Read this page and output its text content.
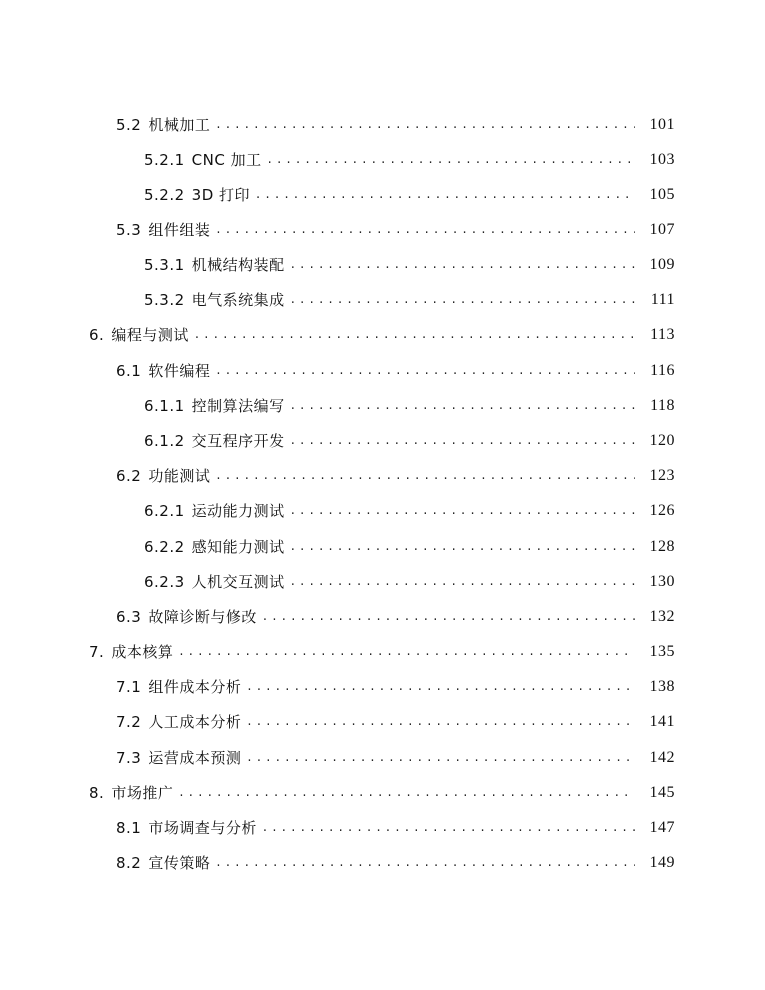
5.2 机械加工 . . .	101
5.2.1 CNC 加工 . . .	103
5.2.2 3D 打印 . . .	105
5.3 组件组装 . . .	107
5.3.1 机械结构装配 . . .	109
5.3.2 电气系统集成 . . .	111
6. 编程与测试 . . .	113
6.1 软件编程 . . .	116
6.1.1 控制算法编写 . . .	118
6.1.2 交互程序开发 . . .	120
6.2 功能测试 . . .	123
6.2.1 运动能力测试 . . .	126
6.2.2 感知能力测试 . . .	128
6.2.3 人机交互测试 . . .	130
6.3 故障诊断与修改 . . .	132
7. 成本核算 . . .	135
7.1 组件成本分析 . . .	138
7.2 人工成本分析 . . .	141
7.3 运营成本预测 . . .	142
8. 市场推广 . . .	145
8.1 市场调查与分析 . . .	147
8.2 宣传策略 . . .	149
